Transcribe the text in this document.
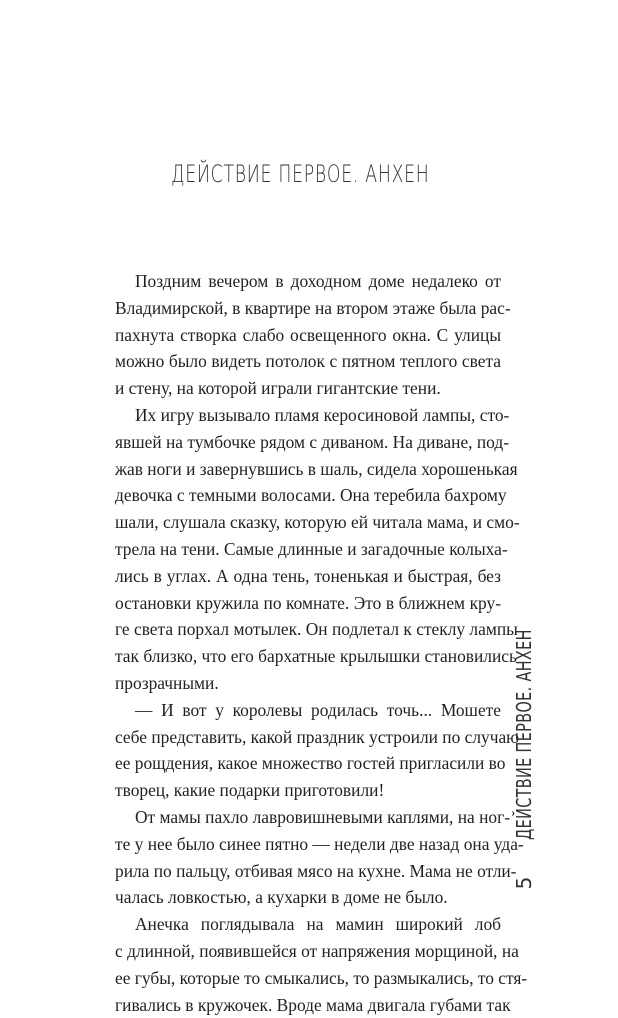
ДЕЙСТВИЕ ПЕРВОЕ. АНХЕН
Поздним вечером в доходном доме недалеко от
Владимирской, в квартире на втором этаже была рас-
пахнута створка слабо освещенного окна. С улицы
можно было видеть потолок с пятном теплого света
и стену, на которой играли гигантские тени.
Их игру вызывало пламя керосиновой лампы, сто-
явшей на тумбочке рядом с диваном. На диване, под-
жав ноги и завернувшись в шаль, сидела хорошенькая
девочка с темными волосами. Она теребила бахрому
шали, слушала сказку, которую ей читала мама, и смо-
трела на тени. Самые длинные и загадочные колыха-
лись в углах. А одна тень, тоненькая и быстрая, без
остановки кружила по комнате. Это в ближнем кру-
ге света порхал мотылек. Он подлетал к стеклу лампы
так близко, что его бархатные крылышки становились
прозрачными.
— И вот у королевы родилась точь... Мошете
себе представить, какой праздник устроили по случаю
ее рощдения, какое множество гостей пригласили во
творец, какие подарки приготовили!
От мамы пахло лавровишневыми каплями, на ног-
те у нее было синее пятно — недели две назад она уда-
рила по пальцу, отбивая мясо на кухне. Мама не отли-
чалась ловкостью, а кухарки в доме не было.
Анечка поглядывала на мамин широкий лоб
с длинной, появившейся от напряжения морщиной, на
ее губы, которые то смыкались, то размыкались, то стя-
гивались в кружочек. Вроде мама двигала губами так
ДЕЙСТВИЕ ПЕРВОЕ. АНХЕН
5
